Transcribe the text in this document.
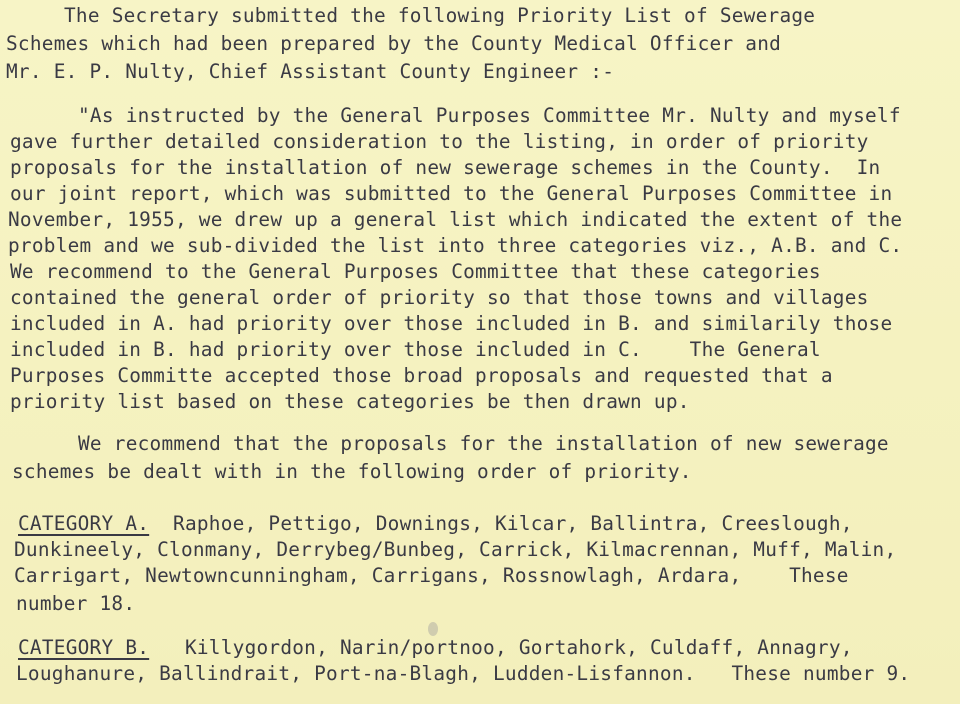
The Secretary submitted the following Priority List of Sewerage
Schemes which had been prepared by the County Medical Officer and
Mr. E. P. Nulty, Chief Assistant County Engineer :-
"As instructed by the General Purposes Committee Mr. Nulty and myself
gave further detailed consideration to the listing, in order of priority
proposals for the installation of new sewerage schemes in the County.  In
our joint report, which was submitted to the General Purposes Committee in
November, 1955, we drew up a general list which indicated the extent of the
problem and we sub-divided the list into three categories viz., A.B. and C.
We recommend to the General Purposes Committee that these categories
contained the general order of priority so that those towns and villages
included in A. had priority over those included in B. and similarily those
included in B. had priority over those included in C.    The General
Purposes Committe accepted those broad proposals and requested that a
priority list based on these categories be then drawn up.
We recommend that the proposals for the installation of new sewerage
schemes be dealt with in the following order of priority.
CATEGORY A.  Raphoe, Pettigo, Downings, Kilcar, Ballintra, Creeslough,
Dunkineely, Clonmany, Derrybeg/Bunbeg, Carrick, Kilmacrennan, Muff, Malin,
Carrigart, Newtowncunningham, Carrigans, Rossnowlagh, Ardara,    These
number 18.
CATEGORY B.   Killygordon, Narin/portnoo, Gortahork, Culdaff, Annagry,
Loughanure, Ballindrait, Port-na-Blagh, Ludden-Lisfannon.   These number 9.
